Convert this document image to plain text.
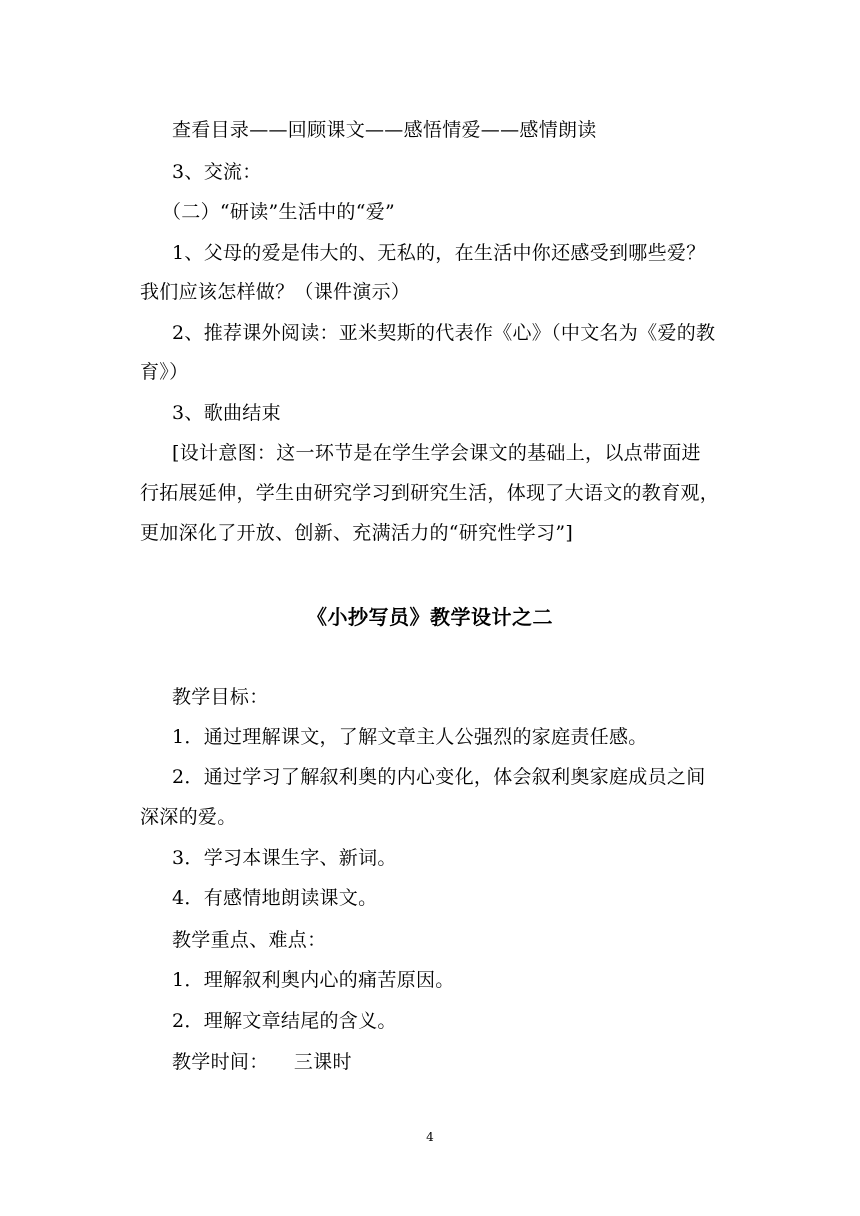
查看目录——回顾课文——感悟情爱——感情朗读
3、交流：
（二）“研读”生活中的“爱”
1、父母的爱是伟大的、无私的，在生活中你还感受到哪些爱？
我们应该怎样做？（课件演示）
2、推荐课外阅读：亚米契斯的代表作《心》（中文名为《爱的教
育》）
3、歌曲结束
[设计意图：这一环节是在学生学会课文的基础上，以点带面进
行拓展延伸，学生由研究学习到研究生活，体现了大语文的教育观，
更加深化了开放、创新、充满活力的“研究性学习”]
《小抄写员》教学设计之二
教学目标：
1．通过理解课文，了解文章主人公强烈的家庭责任感。
2．通过学习了解叙利奥的内心变化，体会叙利奥家庭成员之间
深深的爱。
3．学习本课生字、新词。
4．有感情地朗读课文。
教学重点、难点：
1．理解叙利奥内心的痛苦原因。
2．理解文章结尾的含义。
教学时间：    三课时
4
